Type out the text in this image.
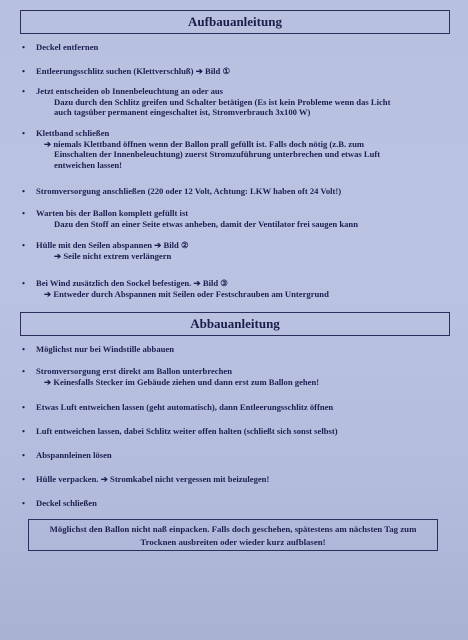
Aufbauanleitung
• Deckel entfernen
• Entleerungsschlitz suchen (Klettverschluß) ➔ Bild ①
• Jetzt entscheiden ob Innenbeleuchtung an oder aus
Dazu durch den Schlitz greifen und Schalter betätigen (Es ist kein Probleme wenn das Licht
auch tagsüber permanent eingeschaltet ist, Stromverbrauch 3x100 W)
• Klettband schließen
➔ niemals Klettband öffnen wenn der Ballon prall gefüllt ist. Falls doch nötig (z.B. zum
Einschalten der Innenbeleuchtung) zuerst Stromzuführung unterbrechen und etwas Luft
entweichen lassen!
• Stromversorgung anschließen (220 oder 12 Volt, Achtung: LKW haben oft 24 Volt!)
• Warten bis der Ballon komplett gefüllt ist
Dazu den Stoff an einer Seite etwas anheben, damit der Ventilator frei saugen kann
• Hülle mit den Seilen abspannen ➔ Bild ②
➔ Seile nicht extrem verlängern
• Bei Wind zusätzlich den Sockel befestigen. ➔ Bild ③
➔ Entweder durch Abspannen mit Seilen oder Festschrauben am Untergrund
Abbauanleitung
• Möglichst nur bei Windstille abbauen
• Stromversorgung erst direkt am Ballon unterbrechen
➔ Keinesfalls Stecker im Gebäude ziehen und dann erst zum Ballon gehen!
• Etwas Luft entweichen lassen (geht automatisch), dann Entleerungsschlitz öffnen
• Luft entweichen lassen, dabei Schlitz weiter offen halten (schließt sich sonst selbst)
• Abspannleinen lösen
• Hülle verpacken. ➔ Stromkabel nicht vergessen mit beizulegen!
• Deckel schließen
Möglichst den Ballon nicht naß einpacken. Falls doch geschehen, spätestens am nächsten Tag zum
Trocknen ausbreiten oder wieder kurz aufblasen!
